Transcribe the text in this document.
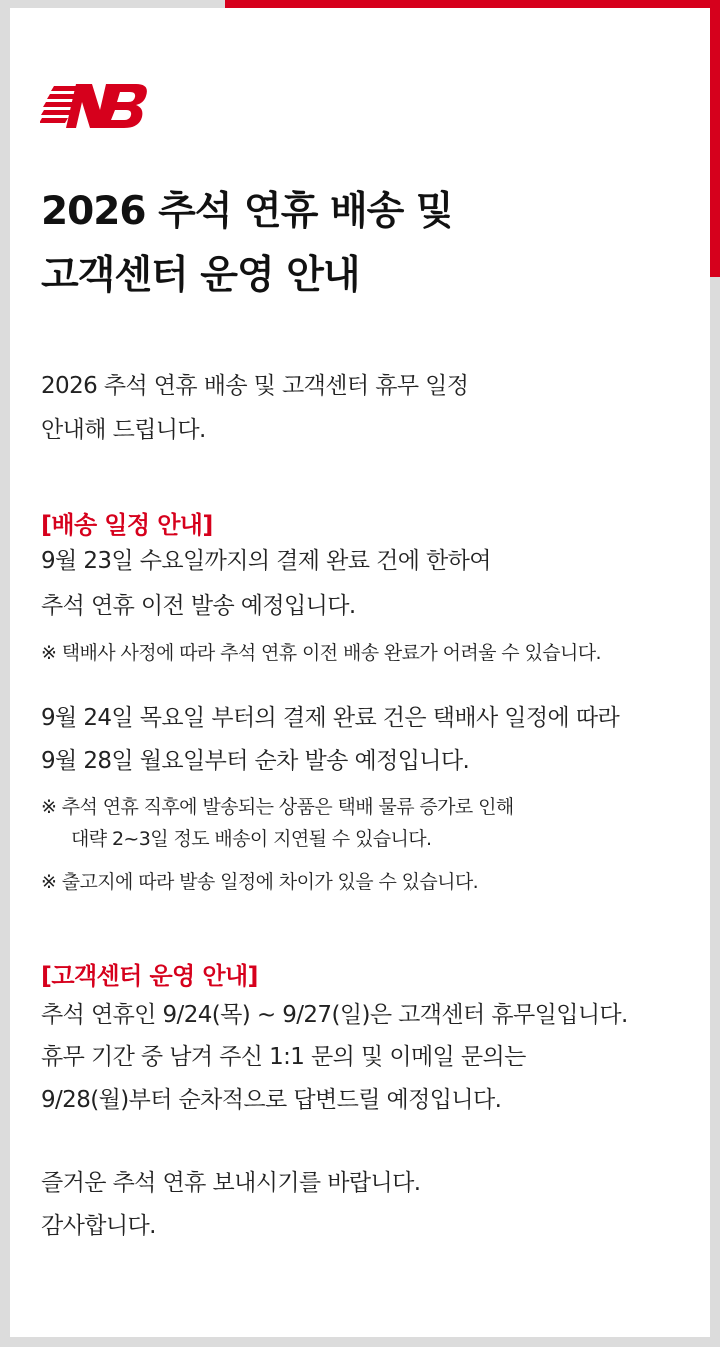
2026 추석 연휴 배송 및
고객센터 운영 안내
2026 추석 연휴 배송 및 고객센터 휴무 일정
안내해 드립니다.
[배송 일정 안내]
9월 23일 수요일까지의 결제 완료 건에 한하여
추석 연휴 이전 발송 예정입니다.
※ 택배사 사정에 따라 추석 연휴 이전 배송 완료가 어려울 수 있습니다.
9월 24일 목요일 부터의 결제 완료 건은 택배사 일정에 따라
9월 28일 월요일부터 순차 발송 예정입니다.
※ 추석 연휴 직후에 발송되는 상품은 택배 물류 증가로 인해
대략 2~3일 정도 배송이 지연될 수 있습니다.
※ 출고지에 따라 발송 일정에 차이가 있을 수 있습니다.
[고객센터 운영 안내]
추석 연휴인 9/24(목) ~ 9/27(일)은 고객센터 휴무일입니다.
휴무 기간 중 남겨 주신 1:1 문의 및 이메일 문의는
9/28(월)부터 순차적으로 답변드릴 예정입니다.
즐거운 추석 연휴 보내시기를 바랍니다.
감사합니다.
